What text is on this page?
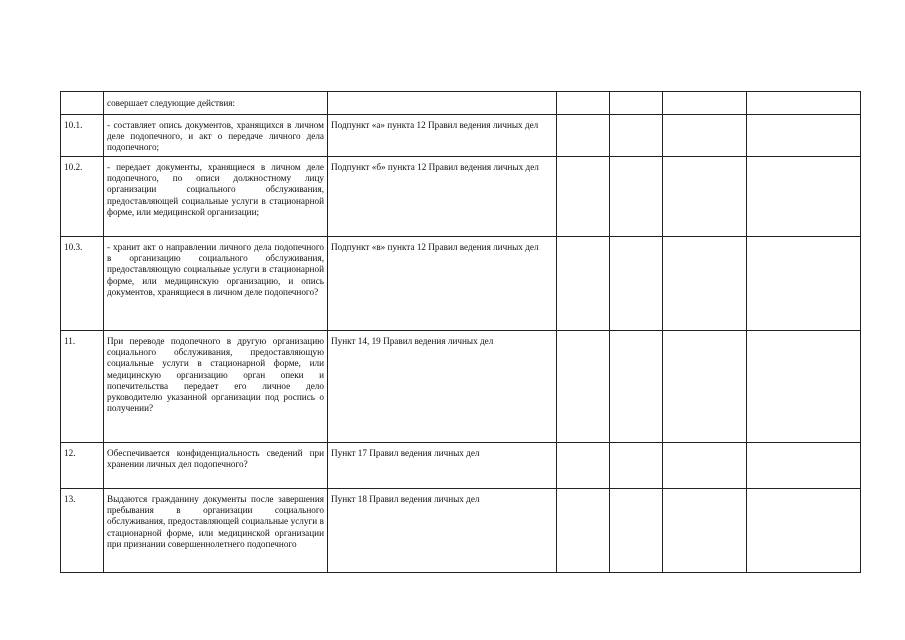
	совершает следующие действия:					
10.1.	- составляет опись документов, хранящихся в личном деле подопечного, и акт о передаче личного дела подопечного;	Подпункт «а» пункта 12 Правил ведения личных дел				
10.2.	- передает документы, хранящиеся в личном деле подопечного, по описи должностному лицу организации социального обслуживания, предоставляющей социальные услуги в стационарной форме, или медицинской организации;	Подпункт «б» пункта 12 Правил ведения личных дел				
10.3.	- хранит акт о направлении личного дела подопечного в организацию социального обслуживания, предоставляющую социальные услуги в стационарной форме, или медицинскую организацию, и опись документов, хранящиеся в личном деле подопечного?	Подпункт «в» пункта 12 Правил ведения личных дел				
11.	При переводе подопечного в другую организацию социального обслуживания, предоставляющую социальные услуги в стационарной форме, или медицинскую организацию орган опеки и попечительства передает его личное дело руководителю указанной организации под роспись о получении?	Пункт 14, 19 Правил ведения личных дел				
12.	Обеспечивается конфиденциальность сведений при хранении личных дел подопечного?	Пункт 17 Правил ведения личных дел				
13.	Выдаются гражданину документы после завершения пребывания в организации социального обслуживания, предоставляющей социальные услуги в стационарной форме, или медицинской организации при признании совершеннолетнего подопечного	Пункт 18 Правил ведения личных дел				
